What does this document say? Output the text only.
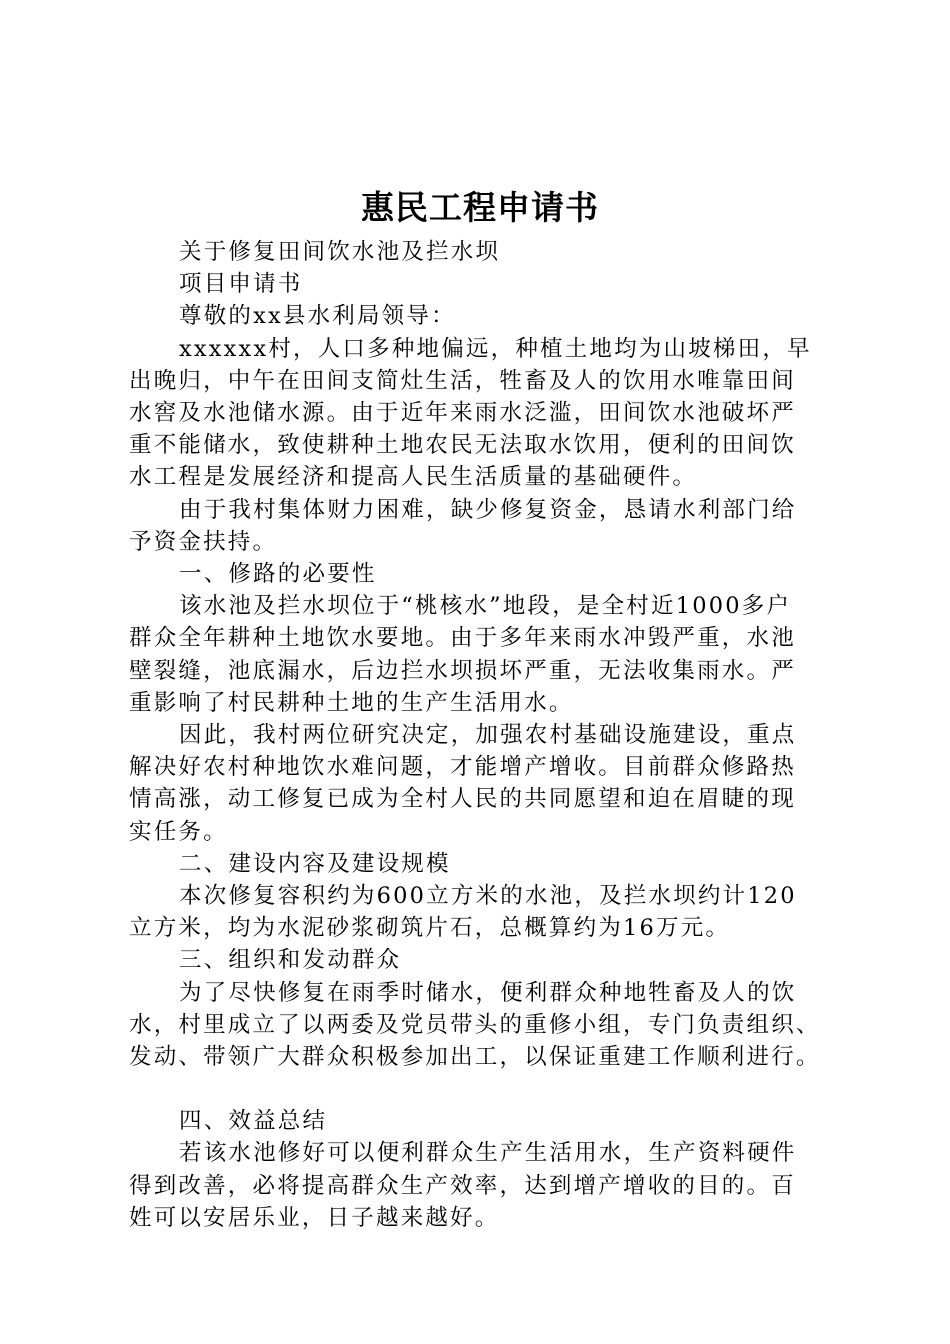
惠民工程申请书

关于修复田间饮水池及拦水坝

项目申请书

尊敬的xx县水利局领导：

xxxxxx村，人口多种地偏远，种植土地均为山坡梯田，早
出晚归，中午在田间支简灶生活，牲畜及人的饮用水唯靠田间
水窖及水池储水源。由于近年来雨水泛滥，田间饮水池破坏严
重不能储水，致使耕种土地农民无法取水饮用，便利的田间饮
水工程是发展经济和提高人民生活质量的基础硬件。

由于我村集体财力困难，缺少修复资金，恳请水利部门给
予资金扶持。

一、修路的必要性

该水池及拦水坝位于“桃核水”地段，是全村近1000多户
群众全年耕种土地饮水要地。由于多年来雨水冲毁严重，水池
壁裂缝，池底漏水，后边拦水坝损坏严重，无法收集雨水。严
重影响了村民耕种土地的生产生活用水。

因此，我村两位研究决定，加强农村基础设施建设，重点
解决好农村种地饮水难问题，才能增产增收。目前群众修路热
情高涨，动工修复已成为全村人民的共同愿望和迫在眉睫的现
实任务。

二、建设内容及建设规模

本次修复容积约为600立方米的水池，及拦水坝约计120
立方米，均为水泥砂浆砌筑片石，总概算约为16万元。

三、组织和发动群众

为了尽快修复在雨季时储水，便利群众种地牲畜及人的饮
水，村里成立了以两委及党员带头的重修小组，专门负责组织、
发动、带领广大群众积极参加出工，以保证重建工作顺利进行。

四、效益总结

若该水池修好可以便利群众生产生活用水，生产资料硬件
得到改善，必将提高群众生产效率，达到增产增收的目的。百
姓可以安居乐业，日子越来越好。
